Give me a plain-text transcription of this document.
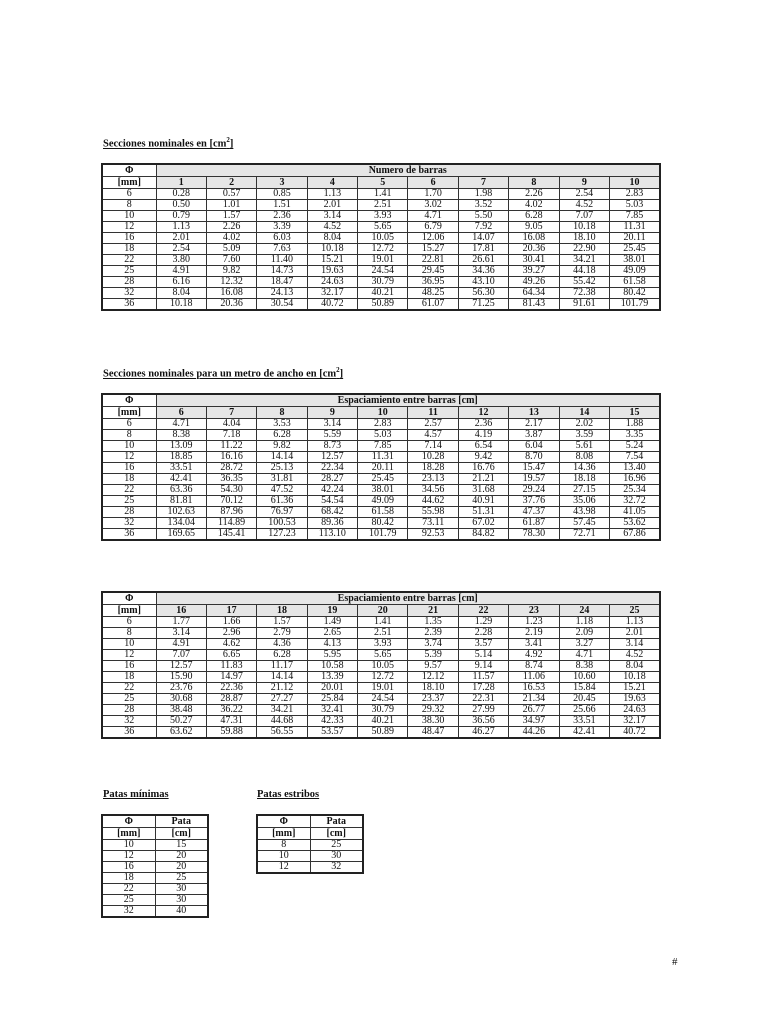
Secciones nominales en $[cm^2]$
Φ	Numero de barras									
[mm]	1	2	3	4	5	6	7	8	9	10
6	0.28	0.57	0.85	1.13	1.41	1.70	1.98	2.26	2.54	2.83
8	0.50	1.01	1.51	2.01	2.51	3.02	3.52	4.02	4.52	5.03
10	0.79	1.57	2.36	3.14	3.93	4.71	5.50	6.28	7.07	7.85
12	1.13	2.26	3.39	4.52	5.65	6.79	7.92	9.05	10.18	11.31
16	2.01	4.02	6.03	8.04	10.05	12.06	14.07	16.08	18.10	20.11
18	2.54	5.09	7.63	10.18	12.72	15.27	17.81	20.36	22.90	25.45
22	3.80	7.60	11.40	15.21	19.01	22.81	26.61	30.41	34.21	38.01
25	4.91	9.82	14.73	19.63	24.54	29.45	34.36	39.27	44.18	49.09
28	6.16	12.32	18.47	24.63	30.79	36.95	43.10	49.26	55.42	61.58
32	8.04	16.08	24.13	32.17	40.21	48.25	56.30	64.34	72.38	80.42
36	10.18	20.36	30.54	40.72	50.89	61.07	71.25	81.43	91.61	101.79
Secciones nominales para un metro de ancho en $[cm^2]$
Φ	Espaciamiento entre barras [cm]									
[mm]	6	7	8	9	10	11	12	13	14	15
6	4.71	4.04	3.53	3.14	2.83	2.57	2.36	2.17	2.02	1.88
8	8.38	7.18	6.28	5.59	5.03	4.57	4.19	3.87	3.59	3.35
10	13.09	11.22	9.82	8.73	7.85	7.14	6.54	6.04	5.61	5.24
12	18.85	16.16	14.14	12.57	11.31	10.28	9.42	8.70	8.08	7.54
16	33.51	28.72	25.13	22.34	20.11	18.28	16.76	15.47	14.36	13.40
18	42.41	36.35	31.81	28.27	25.45	23.13	21.21	19.57	18.18	16.96
22	63.36	54.30	47.52	42.24	38.01	34.56	31.68	29.24	27.15	25.34
25	81.81	70.12	61.36	54.54	49.09	44.62	40.91	37.76	35.06	32.72
28	102.63	87.96	76.97	68.42	61.58	55.98	51.31	47.37	43.98	41.05
32	134.04	114.89	100.53	89.36	80.42	73.11	67.02	61.87	57.45	53.62
36	169.65	145.41	127.23	113.10	101.79	92.53	84.82	78.30	72.71	67.86
Φ	Espaciamiento entre barras [cm]									
[mm]	16	17	18	19	20	21	22	23	24	25
6	1.77	1.66	1.57	1.49	1.41	1.35	1.29	1.23	1.18	1.13
8	3.14	2.96	2.79	2.65	2.51	2.39	2.28	2.19	2.09	2.01
10	4.91	4.62	4.36	4.13	3.93	3.74	3.57	3.41	3.27	3.14
12	7.07	6.65	6.28	5.95	5.65	5.39	5.14	4.92	4.71	4.52
16	12.57	11.83	11.17	10.58	10.05	9.57	9.14	8.74	8.38	8.04
18	15.90	14.97	14.14	13.39	12.72	12.12	11.57	11.06	10.60	10.18
22	23.76	22.36	21.12	20.01	19.01	18.10	17.28	16.53	15.84	15.21
25	30.68	28.87	27.27	25.84	24.54	23.37	22.31	21.34	20.45	19.63
28	38.48	36.22	34.21	32.41	30.79	29.32	27.99	26.77	25.66	24.63
32	50.27	47.31	44.68	42.33	40.21	38.30	36.56	34.97	33.51	32.17
36	63.62	59.88	56.55	53.57	50.89	48.47	46.27	44.26	42.41	40.72
Patas mínimas
Φ	Pata
[mm]	[cm]
10	15
12	20
16	20
18	25
22	30
25	30
32	40
Patas estribos
Φ	Pata
[mm]	[cm]
8	25
10	30
12	32
#
